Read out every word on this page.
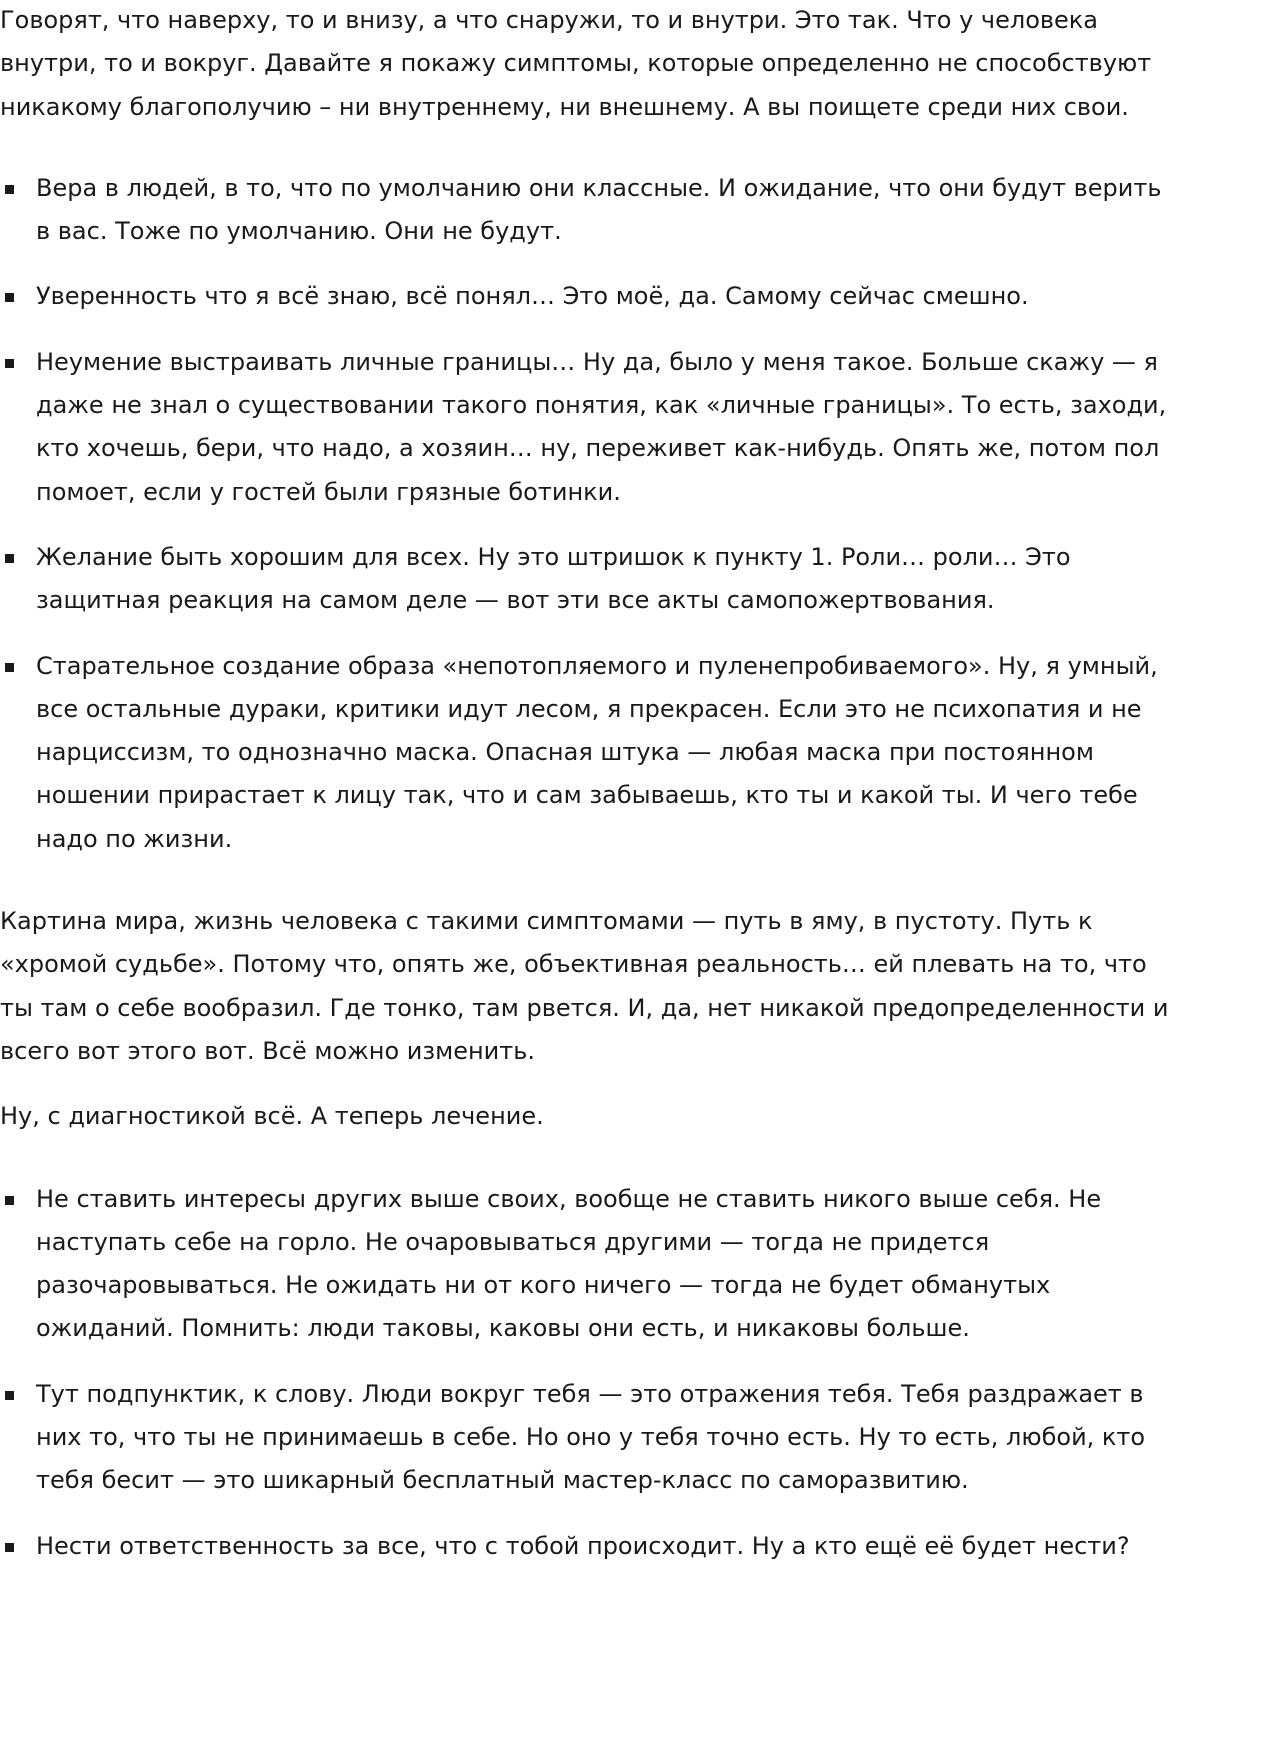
Говорят, что наверху, то и внизу, а что снаружи, то и внутри. Это так. Что у человека
внутри, то и вокруг. Давайте я покажу симптомы, которые определенно не способствуют
никакому благополучию – ни внутреннему, ни внешнему. А вы поищете среди них свои.

Вера в людей, в то, что по умолчанию они классные. И ожидание, что они будут верить
в вас. Тоже по умолчанию. Они не будут.
Уверенность что я всё знаю, всё понял… Это моё, да. Самому сейчас смешно.
Неумение выстраивать личные границы… Ну да, было у меня такое. Больше скажу — я
даже не знал о существовании такого понятия, как «личные границы». То есть, заходи,
кто хочешь, бери, что надо, а хозяин… ну, переживет как-нибудь. Опять же, потом пол
помоет, если у гостей были грязные ботинки.
Желание быть хорошим для всех. Ну это штришок к пункту 1. Роли… роли… Это
защитная реакция на самом деле — вот эти все акты самопожертвования.
Старательное создание образа «непотопляемого и пуленепробиваемого». Ну, я умный,
все остальные дураки, критики идут лесом, я прекрасен. Если это не психопатия и не
нарциссизм, то однозначно маска. Опасная штука — любая маска при постоянном
ношении прирастает к лицу так, что и сам забываешь, кто ты и какой ты. И чего тебе
надо по жизни.

Картина мира, жизнь человека с такими симптомами — путь в яму, в пустоту. Путь к
«хромой судьбе». Потому что, опять же, объективная реальность… ей плевать на то, что
ты там о себе вообразил. Где тонко, там рвется. И, да, нет никакой предопределенности и
всего вот этого вот. Всё можно изменить.

Ну, с диагностикой всё. А теперь лечение.

Не ставить интересы других выше своих, вообще не ставить никого выше себя. Не
наступать себе на горло. Не очаровываться другими — тогда не придется
разочаровываться. Не ожидать ни от кого ничего — тогда не будет обманутых
ожиданий. Помнить: люди таковы, каковы они есть, и никаковы больше.
Тут подпунктик, к слову. Люди вокруг тебя — это отражения тебя. Тебя раздражает в
них то, что ты не принимаешь в себе. Но оно у тебя точно есть. Ну то есть, любой, кто
тебя бесит — это шикарный бесплатный мастер-класс по саморазвитию.
Нести ответственность за все, что с тобой происходит. Ну а кто ещё её будет нести?
